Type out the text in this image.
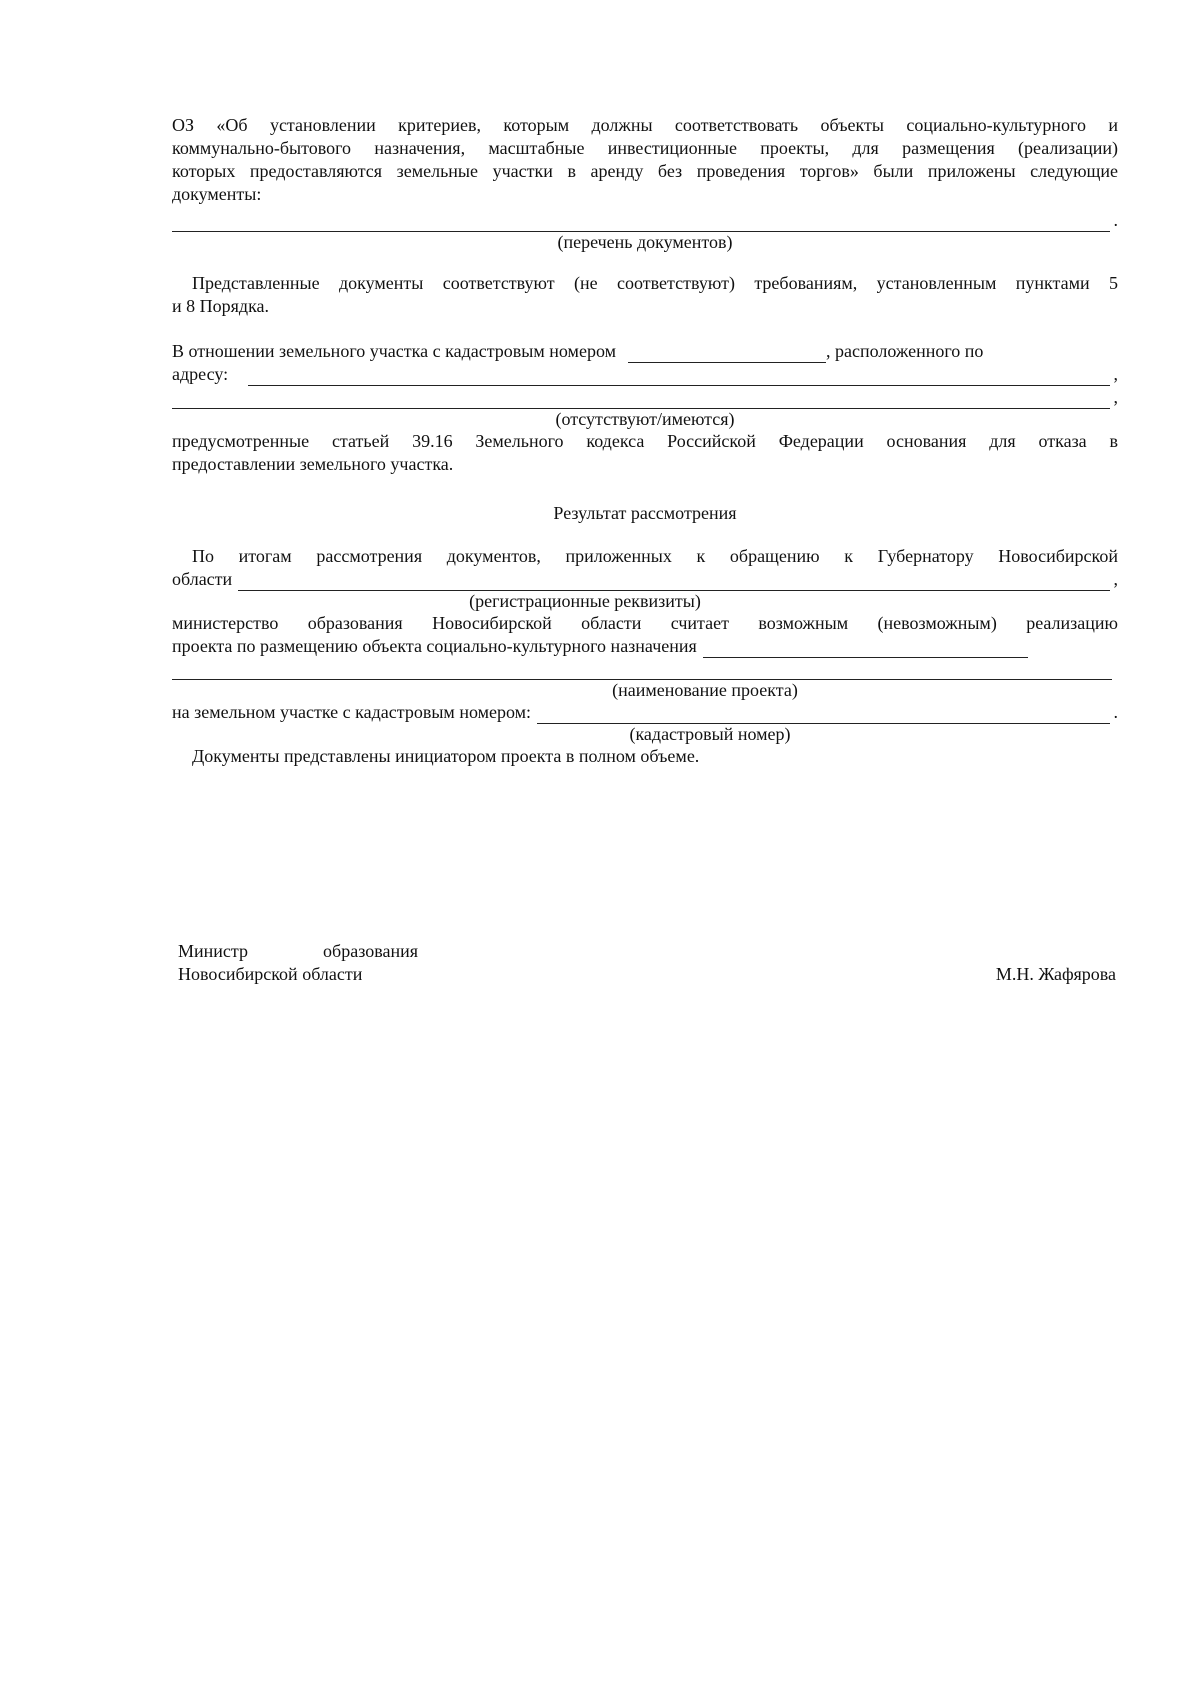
ОЗ «Об установлении критериев, которым должны соответствовать объекты социально-культурного и

коммунально-бытового назначения, масштабные инвестиционные проекты, для размещения (реализации)

которых предоставляются земельные участки в аренду без проведения торгов» были приложены следующие

документы:

.

(перечень документов)

Представленные документы соответствуют (не соответствуют) требованиям, установленным пунктами 5

и 8 Порядка.

В отношении земельного участка с кадастровым номером	, расположенного по
адресу:	,
,

(отсутствуют/имеются)

предусмотренные статьей 39.16 Земельного кодекса Российской Федерации основания для отказа в

предоставлении земельного участка.

Результат рассмотрения

По итогам рассмотрения документов, приложенных к обращению к Губернатору Новосибирской

области	,

(регистрационные реквизиты)

министерство образования Новосибирской области считает возможным (невозможным) реализацию

проекта по размещению объекта социально-культурного назначения

(наименование проекта)

на земельном участке с кадастровым номером:	.

(кадастровый номер)

Документы представлены инициатором проекта в полном объеме.

Министр	образования
Новосибирской области	М.Н. Жафярова
